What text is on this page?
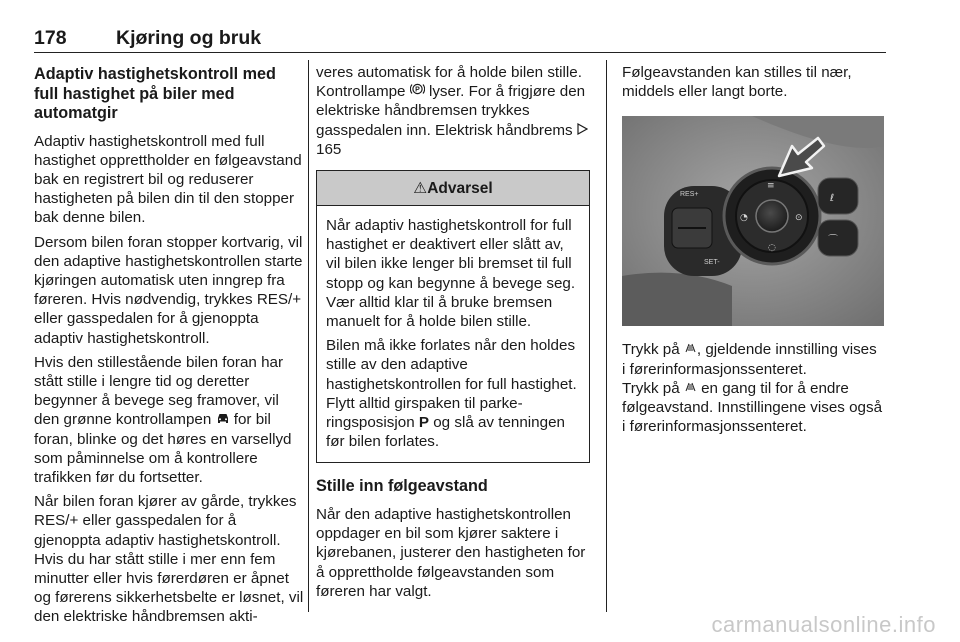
178	Kjøring og bruk
Adaptiv hastighetskontroll med full hastighet på biler med automatgir

Adaptiv hastighetskontroll med full hastighet opprettholder en følgeavstand bak en registrert bil og reduserer hastigheten på bilen din til den stopper bak denne bilen.

Dersom bilen foran stopper kortvarig, vil den adaptive hastighetskontrollen starte kjøringen automatisk uten inngrep fra føreren. Hvis nødvendig, trykkes RES/+ eller gasspedalen for å gjenoppta adaptiv hastighetskontroll.

Hvis den stillestående bilen foran har stått stille i lengre tid og deretter begynner å bevege seg framover, vil den grønne kontrollampen  for bil foran, blinke og det høres en varsellyd som påminnelse om å kontrollere trafikken før du fortsetter.

Når bilen foran kjører av gårde, trykkes RES/+ eller gasspedalen for å gjenoppta adaptiv hastighetskontroll. Hvis du har stått stille i mer enn fem minutter eller hvis førerdøren er åpnet og førerens sikkerhetsbelte er løsnet, vil den elektriske håndbremsen akti-

veres automatisk for å holde bilen stille. Kontrollampe P lyser. For å frigjøre den elektriske håndbremsen trykkes gasspedalen inn. Elektrisk håndbrems  165

⚠Advarsel

Når adaptiv hastighetskontroll for full hastighet er deaktivert eller slått av, vil bilen ikke lenger bli bremset til full stopp og kan begynne å bevege seg. Vær alltid klar til å bruke bremsen manuelt for å holde bilen stille.

Bilen må ikke forlates når den holdes stille av den adaptive hastighetskontrollen for full hastighet. Flytt alltid girspaken til parkeringsposisjon P og slå av tenningen før bilen forlates.

Stille inn følgeavstand

Når den adaptive hastighetskontrollen oppdager en bil som kjører saktere i kjørebanen, justerer den hastigheten for å opprettholde følgeavstanden som føreren har valgt.

Følgeavstanden kan stilles til nær, middels eller langt borte.

RES+
SET-
≡
◔	⊙
◌
ℓ
⌒

Trykk på , gjeldende innstilling vises i førerinformasjonssenteret.
Trykk på  en gang til for å endre følgeavstand. Innstillingene vises også i førerinformasjonssenteret.

carmanualsonline.info
